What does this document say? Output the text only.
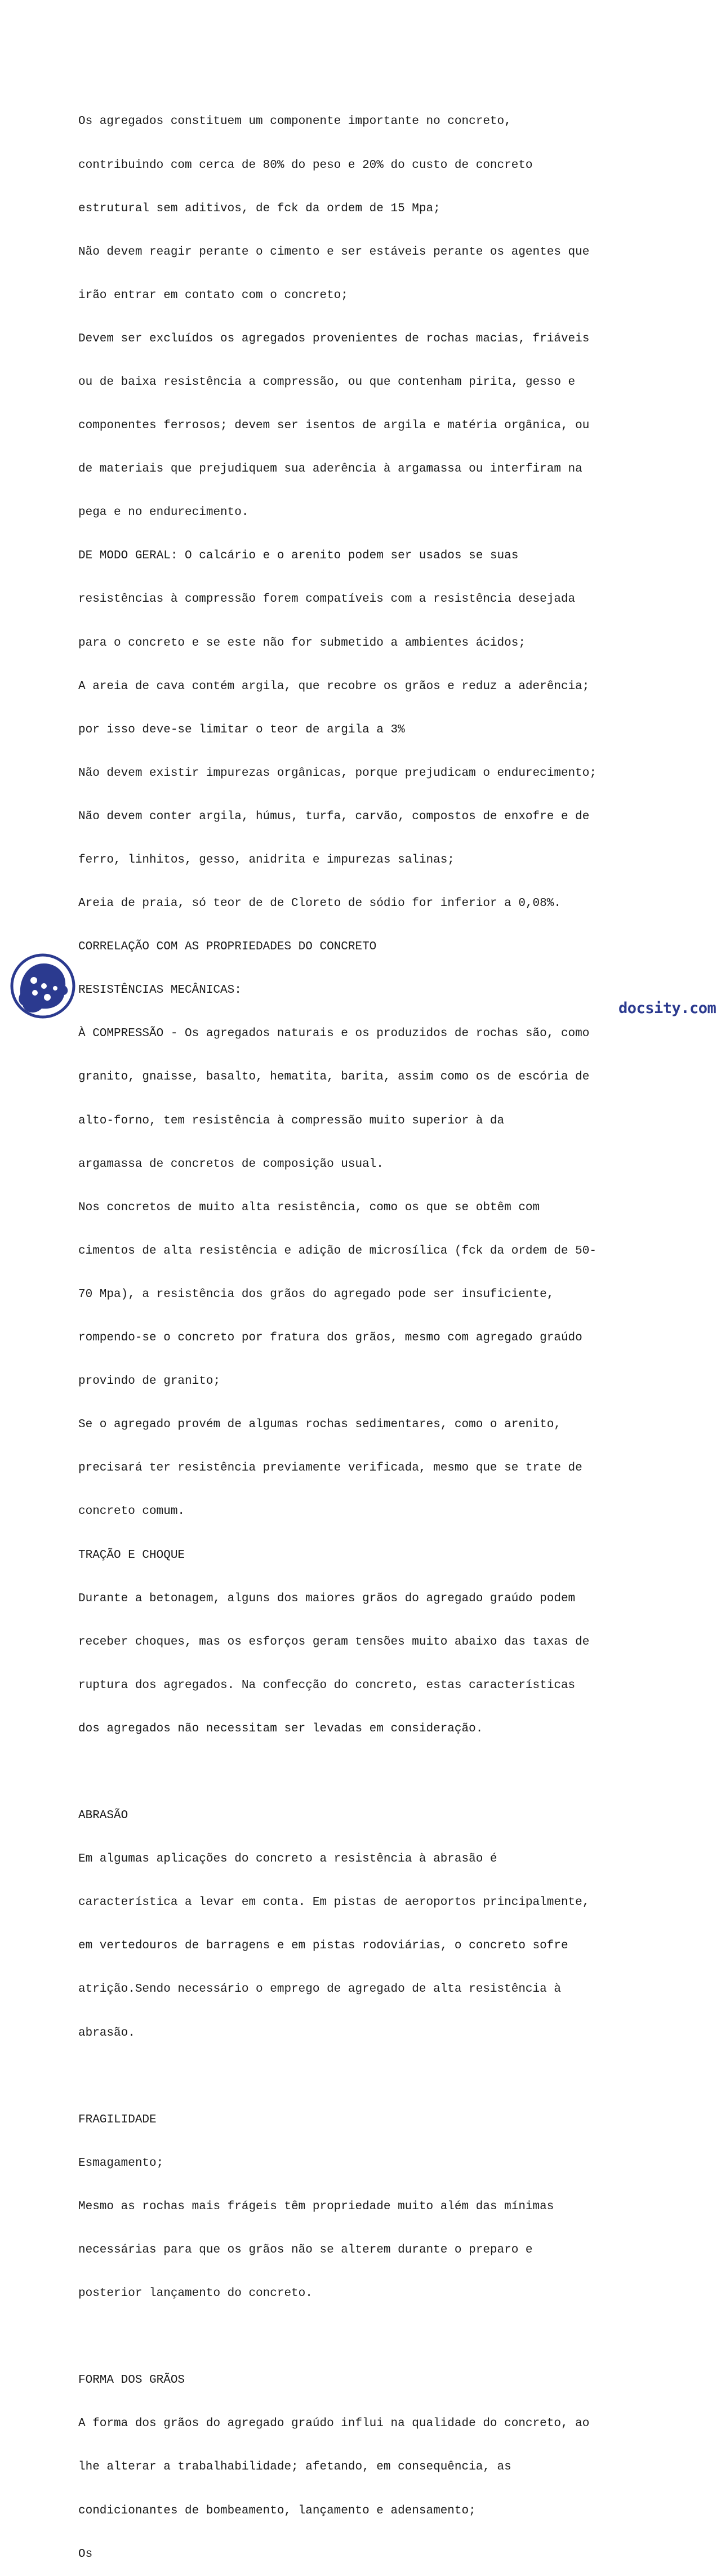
Os agregados constituem um componente importante no concreto,

contribuindo com cerca de 80% do peso e 20% do custo de concreto

estrutural sem aditivos, de fck da ordem de 15 Mpa;

Não devem reagir perante o cimento e ser estáveis perante os agentes que

irão entrar em contato com o concreto;

Devem ser excluídos os agregados provenientes de rochas macias, friáveis

ou de baixa resistência a compressão, ou que contenham pirita, gesso e

componentes ferrosos; devem ser isentos de argila e matéria orgânica, ou

de materiais que prejudiquem sua aderência à argamassa ou interfiram na

pega e no endurecimento.

DE MODO GERAL: O calcário e o arenito podem ser usados se suas

resistências à compressão forem compatíveis com a resistência desejada

para o concreto e se este não for submetido a ambientes ácidos;

A areia de cava contém argila, que recobre os grãos e reduz a aderência;

por isso deve-se limitar o teor de argila a 3%

Não devem existir impurezas orgânicas, porque prejudicam o endurecimento;

Não devem conter argila, húmus, turfa, carvão, compostos de enxofre e de

ferro, linhitos, gesso, anidrita e impurezas salinas;

Areia de praia, só teor de de Cloreto de sódio for inferior a 0,08%.

CORRELAÇÃO COM AS PROPRIEDADES DO CONCRETO

RESISTÊNCIAS MECÂNICAS:

À COMPRESSÃO - Os agregados naturais e os produzidos de rochas são, como

granito, gnaisse, basalto, hematita, barita, assim como os de escória de

alto-forno, tem resistência à compressão muito superior à da

argamassa de concretos de composição usual.

Nos concretos de muito alta resistência, como os que se obtêm com

cimentos de alta resistência e adição de microsílica (fck da ordem de 50-

70 Mpa), a resistência dos grãos do agregado pode ser insuficiente,

rompendo-se o concreto por fratura dos grãos, mesmo com agregado graúdo

provindo de granito;

Se o agregado provém de algumas rochas sedimentares, como o arenito,

precisará ter resistência previamente verificada, mesmo que se trate de

concreto comum.

TRAÇÃO E CHOQUE

Durante a betonagem, alguns dos maiores grãos do agregado graúdo podem

receber choques, mas os esforços geram tensões muito abaixo das taxas de

ruptura dos agregados. Na confecção do concreto, estas características

dos agregados não necessitam ser levadas em consideração.

ABRASÃO

Em algumas aplicações do concreto a resistência à abrasão é

característica a levar em conta. Em pistas de aeroportos principalmente,

em vertedouros de barragens e em pistas rodoviárias, o concreto sofre

atrição.Sendo necessário o emprego de agregado de alta resistência à

abrasão.

FRAGILIDADE

Esmagamento;

Mesmo as rochas mais frágeis têm propriedade muito além das mínimas

necessárias para que os grãos não se alterem durante o preparo e

posterior lançamento do concreto.

FORMA DOS GRÃOS

A forma dos grãos do agregado graúdo influi na qualidade do concreto, ao

lhe alterar a trabalhabilidade; afetando, em consequência, as

condicionantes de bombeamento, lançamento e adensamento;

Os

docsity.com
